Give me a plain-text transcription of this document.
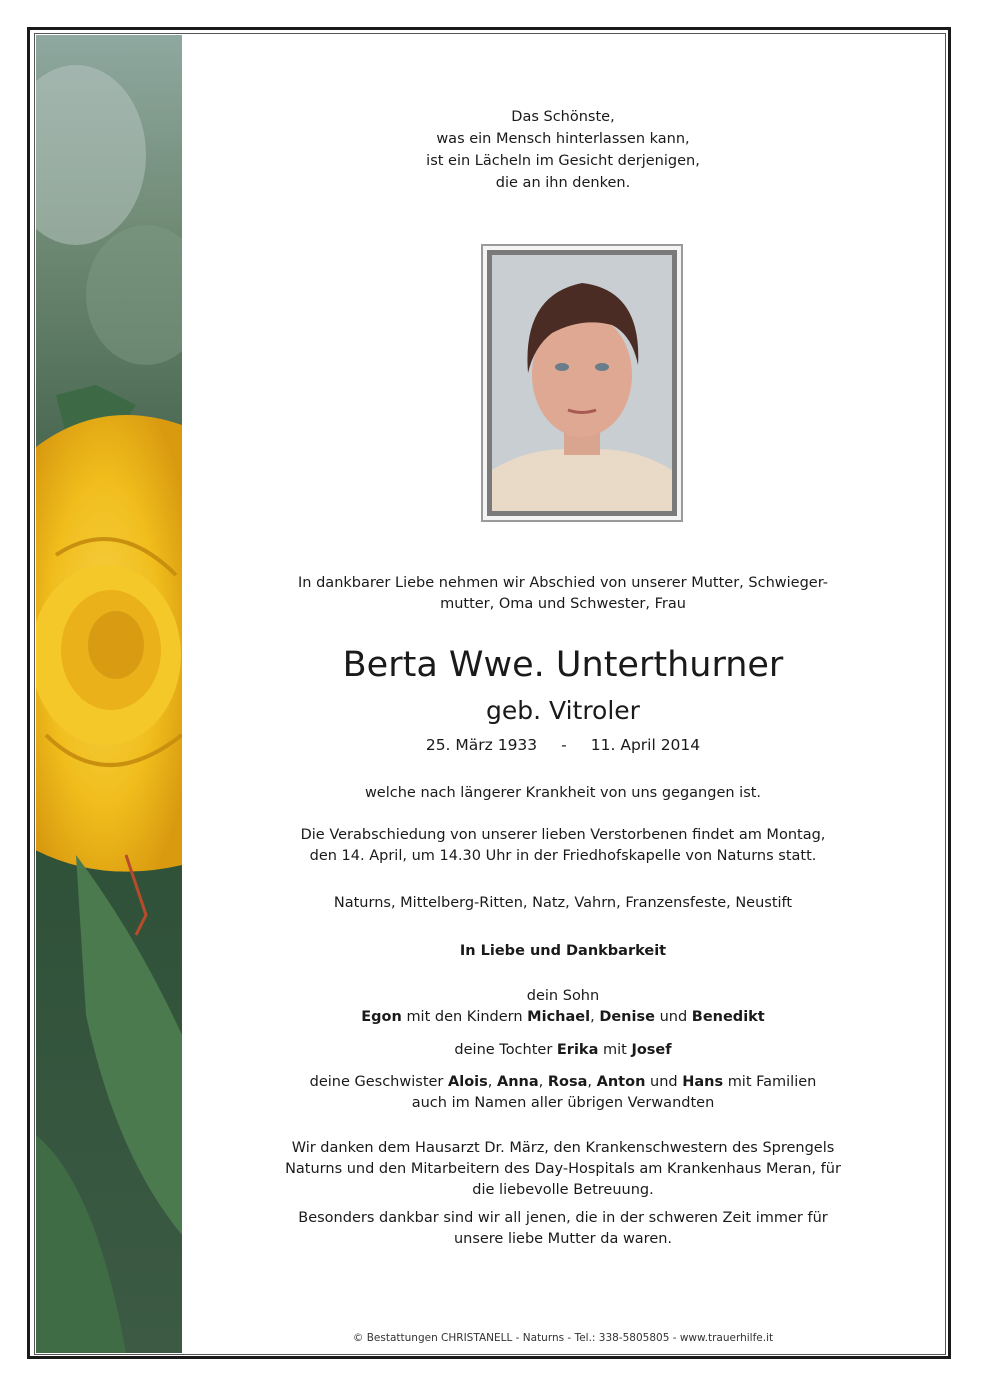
Das Schönste,
was ein Mensch hinterlassen kann,
ist ein Lächeln im Gesicht derjenigen,
die an ihn denken.
In dankbarer Liebe nehmen wir Abschied von unserer Mutter, Schwieger-
mutter, Oma und Schwester, Frau
Berta Wwe. Unterthurner
geb. Vitroler
25. März 1933 - 11. April 2014
welche nach längerer Krankheit von uns gegangen ist.
Die Verabschiedung von unserer lieben Verstorbenen findet am Montag,
den 14. April, um 14.30 Uhr in der Friedhofskapelle von Naturns statt.
Naturns, Mittelberg-Ritten, Natz, Vahrn, Franzensfeste, Neustift
In Liebe und Dankbarkeit
dein Sohn
Egon mit den Kindern Michael, Denise und Benedikt
deine Tochter Erika mit Josef
deine Geschwister Alois, Anna, Rosa, Anton und Hans mit Familien
auch im Namen aller übrigen Verwandten
Wir danken dem Hausarzt Dr. März, den Krankenschwestern des Sprengels
Naturns und den Mitarbeitern des Day-Hospitals am Krankenhaus Meran, für
die liebevolle Betreuung.
Besonders dankbar sind wir all jenen, die in der schweren Zeit immer für
unsere liebe Mutter da waren.
© Bestattungen CHRISTANELL - Naturns - Tel.: 338-5805805 - www.trauerhilfe.it
